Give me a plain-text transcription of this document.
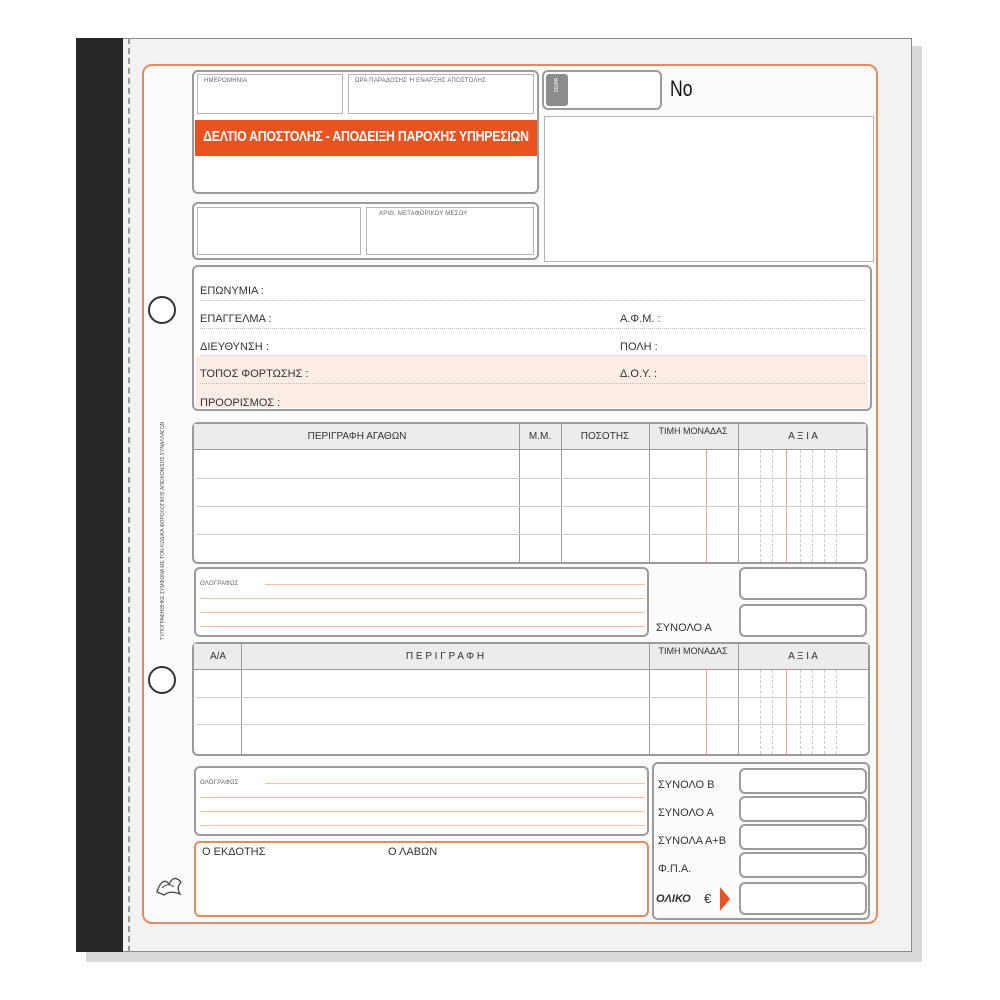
ΤΥΠΟΓΡΑΦΗΘΗΚΕ ΣΥΜΦΩΝΑ ΜΕ ΤΟΝ ΚΩΔΙΚΑ ΦΟΡΟΛΟΓΙΚΗΣ ΑΠΕΙΚΟΝΙΣΗΣ ΣΥΝΑΛΛΑΓΩΝ
ΗΜΕΡΟΜΗΝΙΑ	ΩΡΑ ΠΑΡΑΔΟΣΗΣ Ή ΕΝΑΡΞΗΣ ΑΠΟΣΤΟΛΗΣ
ΔΕΛΤΙΟ ΑΠΟΣΤΟΛΗΣ - ΑΠΟΔΕΙΞΗ ΠΑΡΟΧΗΣ ΥΠΗΡΕΣΙΩΝ
ΑΡΙΘ. ΜΕΤΑΦΟΡΙΚΟΥ ΜΕΣΟΥ
ΣΕΙΡΑ	No
ΕΠΩΝΥΜΙΑ :
ΕΠΑΓΓΕΛΜΑ :	Α.Φ.Μ. :
ΔΙΕΥΘΥΝΣΗ :	ΠΟΛΗ :
ΤΟΠΟΣ ΦΟΡΤΩΣΗΣ :	Δ.Ο.Υ. :
ΠΡΟΟΡΙΣΜΟΣ :
ΠΕΡΙΓΡΑΦΗ ΑΓΑΘΩΝ	Μ.Μ.	ΠΟΣΟΤΗΣ	ΤΙΜΗ ΜΟΝΑΔΑΣ	Α Ξ Ι Α
ΟΛΟΓΡΑΦΩΣ
ΣΥΝΟΛΟ Α
Α/Α	Π Ε Ρ Ι Γ Ρ Α Φ Η	ΤΙΜΗ ΜΟΝΑΔΑΣ	Α Ξ Ι Α
ΟΛΟΓΡΑΦΩΣ
Ο ΕΚΔΟΤΗΣ	Ο ΛΑΒΩΝ
ΣΥΝΟΛΟ Β
ΣΥΝΟΛΟ Α
ΣΥΝΟΛΑ Α+Β
Φ.Π.Α.
ΟΛΙΚΟ €
